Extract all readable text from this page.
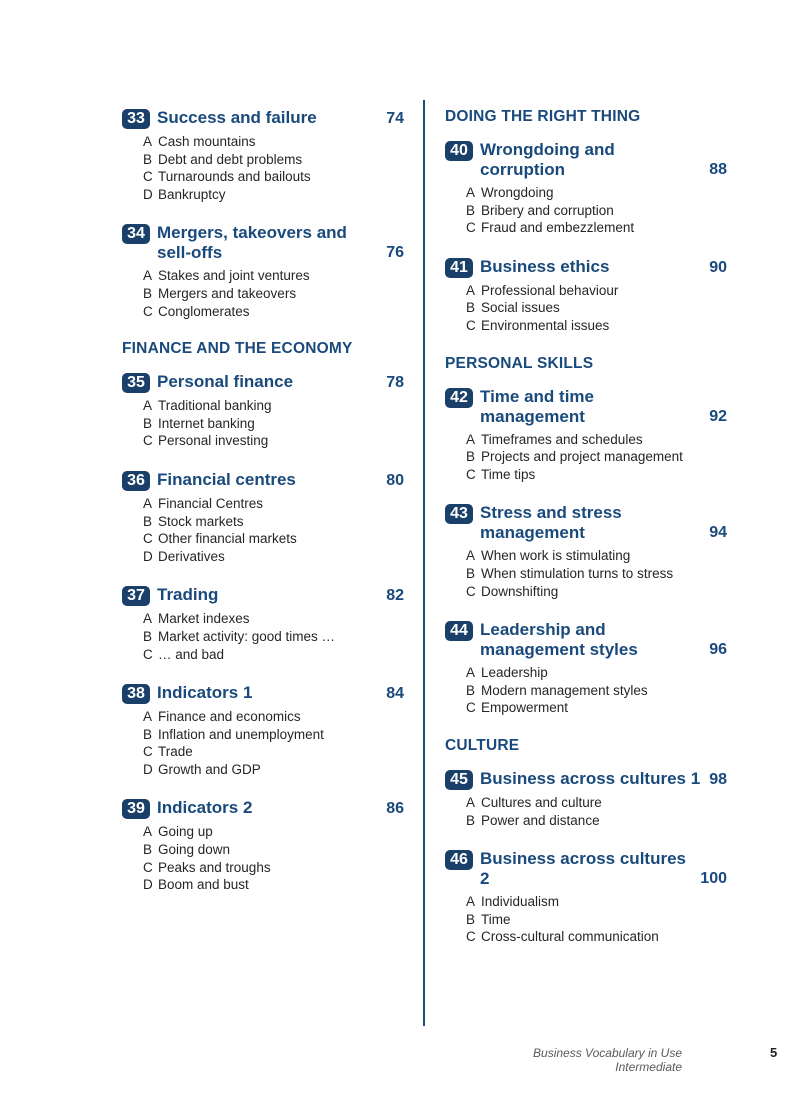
33 Success and failure	74
A Cash mountains
B Debt and debt problems
C Turnarounds and bailouts
D Bankruptcy
34 Mergers, takeovers and sell-offs	76
A Stakes and joint ventures
B Mergers and takeovers
C Conglomerates
FINANCE AND THE ECONOMY
35 Personal finance	78
A Traditional banking
B Internet banking
C Personal investing
36 Financial centres	80
A Financial Centres
B Stock markets
C Other financial markets
D Derivatives
37 Trading	82
A Market indexes
B Market activity: good times …
C … and bad
38 Indicators 1	84
A Finance and economics
B Inflation and unemployment
C Trade
D Growth and GDP
39 Indicators 2	86
A Going up
B Going down
C Peaks and troughs
D Boom and bust
DOING THE RIGHT THING
40 Wrongdoing and corruption	88
A Wrongdoing
B Bribery and corruption
C Fraud and embezzlement
41 Business ethics	90
A Professional behaviour
B Social issues
C Environmental issues
PERSONAL SKILLS
42 Time and time management	92
A Timeframes and schedules
B Projects and project management
C Time tips
43 Stress and stress management	94
A When work is stimulating
B When stimulation turns to stress
C Downshifting
44 Leadership and management styles	96
A Leadership
B Modern management styles
C Empowerment
CULTURE
45 Business across cultures 1 98
A Cultures and culture
B Power and distance
46 Business across cultures 2	100
A Individualism
B Time
C Cross-cultural communication
Business Vocabulary in Use Intermediate
5
